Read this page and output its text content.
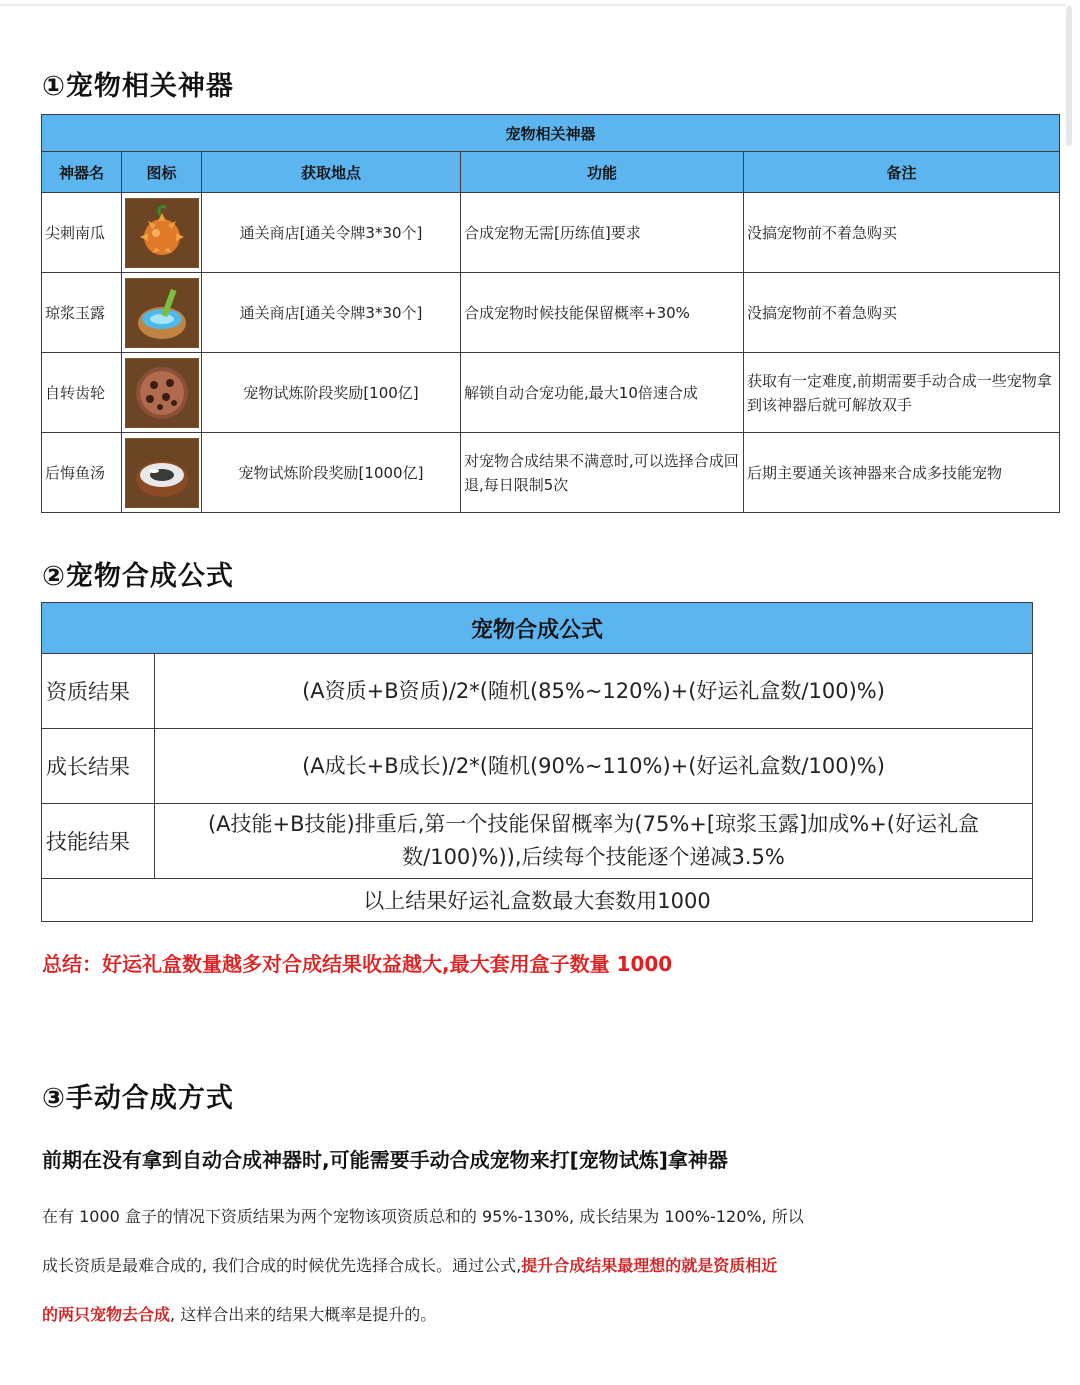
①宠物相关神器
宠物相关神器				
神器名	图标	获取地点	功能	备注
尖刺南瓜		通关商店[通关令牌3*30个]	合成宠物无需[历练值]要求	没搞宠物前不着急购买
琼浆玉露		通关商店[通关令牌3*30个]	合成宠物时候技能保留概率+30%	没搞宠物前不着急购买
自转齿轮		宠物试炼阶段奖励[100亿]	解锁自动合宠功能,最大10倍速合成	获取有一定难度,前期需要手动合成一些宠物拿到该神器后就可解放双手
后悔鱼汤		宠物试炼阶段奖励[1000亿]	对宠物合成结果不满意时,可以选择合成回退,每日限制5次	后期主要通关该神器来合成多技能宠物
②宠物合成公式
宠物合成公式	
资质结果	(A资质+B资质)/2*(随机(85%~120%)+(好运礼盒数/100)%)
成长结果	(A成长+B成长)/2*(随机(90%~110%)+(好运礼盒数/100)%)
技能结果	(A技能+B技能)排重后,第一个技能保留概率为(75%+[琼浆玉露]加成%+(好运礼盒数/100)%)),后续每个技能逐个递减3.5%
以上结果好运礼盒数最大套数用1000	
总结：好运礼盒数量越多对合成结果收益越大,最大套用盒子数量 1000
③手动合成方式
前期在没有拿到自动合成神器时,可能需要手动合成宠物来打[宠物试炼]拿神器
在有 1000 盒子的情况下资质结果为两个宠物该项资质总和的 95%-130%, 成长结果为 100%-120%, 所以
成长资质是最难合成的, 我们合成的时候优先选择合成长。通过公式,提升合成结果最理想的就是资质相近
的两只宠物去合成, 这样合出来的结果大概率是提升的。
